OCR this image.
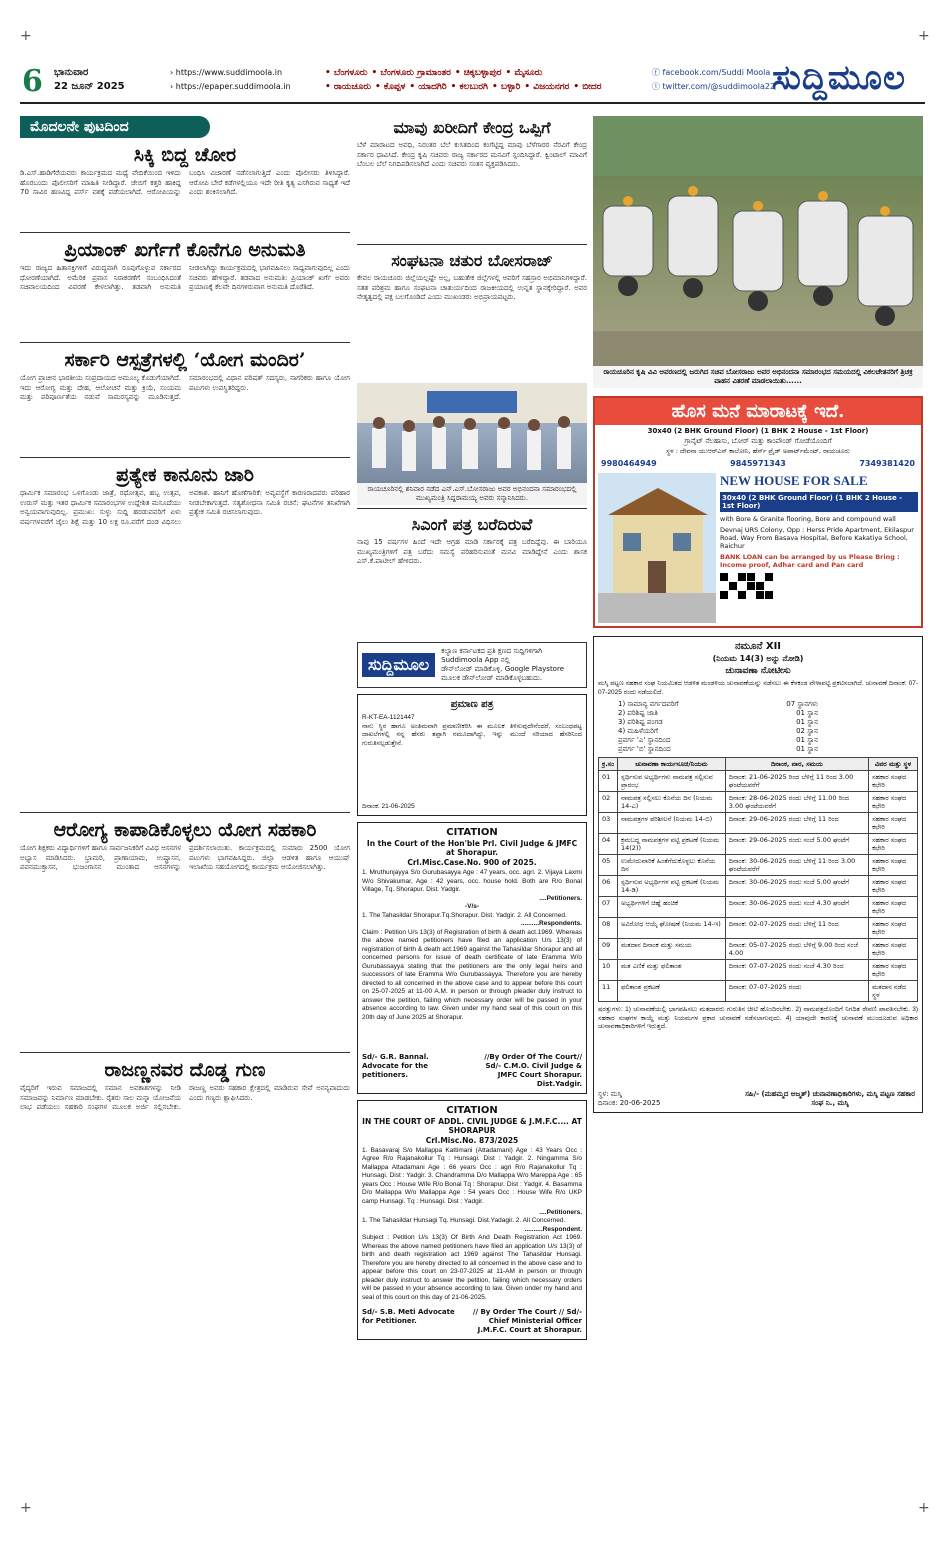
+	+
+	+
6 ಭಾನುವಾರ
22 ಜೂನ್ 2025
› https://www.suddimoola.in
› https://epaper.suddimoola.in
• ಬೆಂಗಳೂರು • ಬೆಂಗಳೂರು ಗ್ರಾಮಾಂತರ • ಚಿಕ್ಕಬಳ್ಳಾಪುರ • ಮೈಸೂರು
• ರಾಯಚೂರು • ಕೊಪ್ಪಳ • ಯಾದಗಿರಿ • ಕಲಬುರಗಿ • ಬಳ್ಳಾರಿ • ವಿಜಯನಗರ • ಬೀದರ
ⓕ facebook.com/Suddi Moola
ⓣ twitter.com/@suddimoola22
ಸುದ್ದಿಮೂಲ
ಮೊದಲನೇ ಪುಟದಿಂದ
ಸಿಕ್ಕಿ ಬಿದ್ದ ಚೋರ
ಡಿ.ಎಸ್.ಹಾಡಿಗೆರೆಯವರು ಕಾರ್ಯಕ್ರಮದ ಮಧ್ಯೆ ವೇದಿಕೆಯಿಂದ ಇಳಿದು ಹೊರಬಂದು ಪೊಲೀಸರಿಗೆ ಮಾಹಿತಿ ನೀಡಿದ್ದಾರೆ. ಜೇಬಿಗೆ ಕತ್ತರಿ ಹಾಕಿದ್ದ 70 ಸಾವಿರ ಹಣವಿದ್ದ ಪರ್ಸ್ ವಶಕ್ಕೆ ಪಡೆಯಲಾಗಿದೆ. ಆರೋಪಿಯನ್ನು ಬಂಧಿಸಿ ವಿಚಾರಣೆ ನಡೆಸಲಾಗುತ್ತಿದೆ ಎಂದು ಪೊಲೀಸರು ತಿಳಿಸಿದ್ದಾರೆ. ಆರೋಪಿ ಬೇರೆ ಕಡೆಗಳಲ್ಲಿಯೂ ಇದೇ ರೀತಿ ಕೃತ್ಯ ಎಸಗಿರುವ ಸಾಧ್ಯತೆ ಇದೆ ಎಂದು ಶಂಕಿಸಲಾಗಿದೆ.
ಪ್ರಿಯಾಂಕ್ ಖರ್ಗೆಗೆ ಕೊನೆಗೂ ಅನುಮತಿ
ಇದು ರಾಜ್ಯದ ಹಿತಾಸಕ್ತಿಗಳಿಗೆ ವಿರುದ್ಧವಾಗಿ ರೂಪುಗೊಳ್ಳುವ ಸರ್ಕಾರದ ಧೋರಣೆಯಾಗಿದೆ. ಅಮೆರಿಕ ಪ್ರವಾಸ ನಿರಾಕರಣೆಗೆ ಸಂಬಂಧಿಸಿದಂತೆ ಸಚಿವಾಲಯದಿಂದ ವಿವರಣೆ ಕೇಳಲಾಗಿತ್ತು. ತಡವಾಗಿ ಅನುಮತಿ ನೀಡಲಾಗಿದ್ದು ಕಾರ್ಯಕ್ರಮದಲ್ಲಿ ಭಾಗವಹಿಸಲು ಸಾಧ್ಯವಾಗುವುದಿಲ್ಲ ಎಂದು ಸಚಿವರು ಹೇಳಿದ್ದಾರೆ. ತಡವಾದ ಅನುಮತಿ: ಪ್ರಿಯಾಂಕ್ ಖರ್ಗೆ ಅವರು ಪ್ರಯಾಣಕ್ಕೆ ಕೆಲವೇ ದಿನಗಳಿರುವಾಗ ಅನುಮತಿ ದೊರೆತಿದೆ.
ಸರ್ಕಾರಿ ಆಸ್ಪತ್ರೆಗಳಲ್ಲಿ ‘ಯೋಗ ಮಂದಿರ’
ಯೋಗ ಪ್ರಾಚೀನ ಭಾರತೀಯ ಸಂಪ್ರದಾಯದ ಅಮೂಲ್ಯ ಕೊಡುಗೆಯಾಗಿದೆ. ಇದು ಆರೋಗ್ಯ ಮತ್ತು ದೇಹ, ಆಲೋಚನೆ ಮತ್ತು ಕ್ರಿಯೆ, ಸಂಯಮ ಮತ್ತು ಪರಿಪೂರ್ಣತೆಯ ನಡುವೆ ಸಾಮರಸ್ಯವನ್ನು ಮೂಡಿಸುತ್ತದೆ. ಸಮಾರಂಭದಲ್ಲಿ ವಿಧಾನ ಪರಿಷತ್ ಸದಸ್ಯರು, ನಾಗರಿಕರು ಹಾಗೂ ಯೋಗ ಪಟುಗಳು ಉಪಸ್ಥಿತರಿದ್ದರು.
ಪ್ರತ್ಯೇಕ ಕಾನೂನು ಜಾರಿ
ಧಾರ್ಮಿಕ ಸಮಾರಂಭ ಒಳಗೊಂಡು ಜಾತ್ರೆ, ರಥೋತ್ಸವ, ಹಬ್ಬ ಉತ್ಸವ, ಉರುಸ್ ಮತ್ತು ಇತರ ಧಾರ್ಮಿಕ ಸಮಾರಂಭಗಳ ಉದ್ದೇಶಿತ ಮಸೂದೆಯು ಅನ್ವಯವಾಗುವುದಿಲ್ಲ. ಪ್ರಮುಖ: ಸುಳ್ಳು ಸುದ್ದಿ ಹರಡುವವರಿಗೆ ಏಳು ವರ್ಷಗಳವರೆಗೆ ಜೈಲು ಶಿಕ್ಷೆ ಮತ್ತು 10 ಲಕ್ಷ ರೂ.ವರೆಗೆ ದಂಡ ವಿಧಿಸಲು ಅವಕಾಶ. ಹಾನಿಗೆ ಹೊಣೆಗಾರಿಕೆ: ಅವ್ಯವಸ್ಥೆಗೆ ಕಾರಣರಾದವರು ಪರಿಹಾರ ನೀಡಬೇಕಾಗುತ್ತದೆ. ಸತ್ಯಶೋಧನಾ ಸಮಿತಿ ರಚನೆ: ಘಟನೆಗಳ ತನಿಖೆಗಾಗಿ ಪ್ರತ್ಯೇಕ ಸಮಿತಿ ರಚಿಸಲಾಗುವುದು.
ಆರೋಗ್ಯ ಕಾಪಾಡಿಕೊಳ್ಳಲು ಯೋಗ ಸಹಕಾರಿ
ಯೋಗ ಶಿಕ್ಷಕರು ವಿದ್ಯಾರ್ಥಿಗಳಿಗೆ ಹಾಗೂ ಸಾರ್ವಜನಿಕರಿಗೆ ವಿವಿಧ ಆಸನಗಳ ಅಭ್ಯಾಸ ಮಾಡಿಸಿದರು. ಭ್ರಾಮರಿ, ಪ್ರಾಣಾಯಾಮ, ಉಷ್ಟ್ರಾಸನ, ಪವನಮುಕ್ತಾಸನ, ಭುಜಂಗಾಸನ ಮುಂತಾದ ಆಸನಗಳನ್ನು ಪ್ರದರ್ಶಿಸಲಾಯಿತು. ಕಾರ್ಯಕ್ರಮದಲ್ಲಿ ಸುಮಾರು 2500 ಯೋಗ ಪಟುಗಳು ಭಾಗವಹಿಸಿದ್ದರು. ಜಿಲ್ಲಾ ಆಡಳಿತ ಹಾಗೂ ಆಯುಷ್ ಇಲಾಖೆಯ ಸಹಯೋಗದಲ್ಲಿ ಕಾರ್ಯಕ್ರಮ ಆಯೋಜಿಸಲಾಗಿತ್ತು.
ರಾಜಣ್ಣನವರ ದೊಡ್ಡ ಗುಣ
ವೈದ್ಯರಿಗೆ ಇರುವ ಸಮಾಜದಲ್ಲಿ ಸಮಾನ ಅವಕಾಶಗಳನ್ನು ನೀಡಿ ಸಮಾಜವನ್ನು ನಿರ್ಮಾಣ ಮಾಡಬೇಕು. ರೈತರು ಸಾಲ ಮನ್ನಾ ಯೋಜನೆಯ ಲಾಭ ಪಡೆಯಲು ಸಹಕಾರಿ ಸಂಘಗಳ ಮೂಲಕ ಅರ್ಜಿ ಸಲ್ಲಿಸಬೇಕು. ರಾಜಣ್ಣ ಅವರು ಸಹಕಾರ ಕ್ಷೇತ್ರದಲ್ಲಿ ಮಾಡಿರುವ ಸೇವೆ ಅನನ್ಯವಾದುದು ಎಂದು ಗಣ್ಯರು ಶ್ಲಾಘಿಸಿದರು.
ಮಾವು ಖರೀದಿಗೆ ಕೇಂದ್ರ ಒಪ್ಪಿಗೆ
ಬೆಳೆ ಮಾರಾಟದ ಅವಧಿ, ನಿರಂತರ ಬೆಲೆ ಕುಸಿತದಿಂದ ಕಂಗೆಟ್ಟಿದ್ದ ಮಾವು ಬೆಳೆಗಾರರ ನೆರವಿಗೆ ಕೇಂದ್ರ ಸರ್ಕಾರ ಧಾವಿಸಿದೆ. ಕೇಂದ್ರ ಕೃಷಿ ಸಚಿವರು ರಾಜ್ಯ ಸರ್ಕಾರದ ಮನವಿಗೆ ಸ್ಪಂದಿಸಿದ್ದಾರೆ. ಕ್ವಿಂಟಾಲ್ ಮಾವಿಗೆ ಬೆಂಬಲ ಬೆಲೆ ನಿಗದಿಪಡಿಸಲಾಗಿದೆ ಎಂದು ಸಚಿವರು ಸಂತಸ ವ್ಯಕ್ತಪಡಿಸಿದರು.
ಸಂಘಟನಾ ಚತುರ ಬೋಸರಾಜ್
ಕೇವಲ ರಾಯಚೂರು ಜಿಲ್ಲೆಯಲ್ಲಷ್ಟೇ ಅಲ್ಲ, ಬಹುತೇಕ ಜಿಲ್ಲೆಗಳಲ್ಲಿ ಅವರಿಗೆ ಸಹಸ್ರಾರ ಅಭಿಮಾನಿಗಳಿದ್ದಾರೆ. ಸತತ ಪರಿಶ್ರಮ ಹಾಗೂ ಸಂಘಟನಾ ಚಾತುರ್ಯದಿಂದ ರಾಜಕೀಯದಲ್ಲಿ ಉನ್ನತ ಸ್ಥಾನಕ್ಕೇರಿದ್ದಾರೆ. ಅವರ ನೇತೃತ್ವದಲ್ಲಿ ಪಕ್ಷ ಬಲಗೊಂಡಿದೆ ಎಂದು ಮುಖಂಡರು ಅಭಿಪ್ರಾಯಪಟ್ಟರು.
ರಾಯಚೂರಿನಲ್ಲಿ ಶನಿವಾರ ನಡೆದ ಎನ್.ಎಸ್.ಬೋಸರಾಜು ಅವರ ಅಭಿನಂದನಾ ಸಮಾರಂಭದಲ್ಲಿ ಮುಖ್ಯಮಂತ್ರಿ ಸಿದ್ದರಾಮಯ್ಯ ಅವರು ಸನ್ಮಾನಿಸಿದರು.
ಸಿಎಂಗೆ ಪತ್ರ ಬರೆದಿರುವೆ
ನಾವು 15 ವರ್ಷಗಳ ಹಿಂದೆ ಇದೇ ಆಗ್ರಹ ಮಾಡಿ ಸರ್ಕಾರಕ್ಕೆ ಪತ್ರ ಬರೆದಿದ್ದೆವು. ಈ ಬಾರಿಯೂ ಮುಖ್ಯಮಂತ್ರಿಗಳಿಗೆ ಪತ್ರ ಬರೆದು ಸಮಸ್ಯೆ ಪರಿಹರಿಸುವಂತೆ ಮನವಿ ಮಾಡಿದ್ದೇನೆ ಎಂದು ಶಾಸಕ ಎಸ್.ಕೆ.ಪಾಟೀಲ್ ಹೇಳಿದರು.
ಸುದ್ದಿಮೂಲ
ಕಲ್ಯಾಣ ಕರ್ನಾಟಕದ ಪ್ರತಿ ಕ್ಷಣದ ಸುದ್ದಿಗಳಿಗಾಗಿ Suddimoola App ನಲ್ಲಿ
ಡೌನ್‌ಲೋಡ್ ಮಾಡಿಕೊಳ್ಳಿ. Google Playstore ಮೂಲಕ ಡೌನ್‌ಲೋಡ್ ಮಾಡಿಕೊಳ್ಳಬಹುದು.
ಪ್ರಮಾಣ ಪತ್ರ
R-KT-EA-1121447
ನಾನು ಸ್ಥಿರ ಹಾಗೂ ಅಂತಿಮವಾಗಿ ಪ್ರಮಾಣೀಕರಿಸಿ ಈ ಮೂಲಕ ತಿಳಿಸುವುದೇನೆಂದರೆ, ಸಂಬಂಧಪಟ್ಟ ದಾಖಲೆಗಳಲ್ಲಿ ನನ್ನ ಹೆಸರು ತಪ್ಪಾಗಿ ನಮೂದಾಗಿದ್ದು, ಇನ್ನು ಮುಂದೆ ಸರಿಯಾದ ಹೆಸರಿನಿಂದ ಗುರುತಿಸಲ್ಪಡುತ್ತೇನೆ.
ದಿನಾಂಕ: 21-06-2025
CITATION
In the Court of the Hon'ble Prl. Civil Judge & JMFC at Shorapur.
Crl.Misc.Case.No. 900 of 2025.
1. Mruthunjayya S/o Gurubasayya Age : 47 years, occ. agri. 2. Vijaya Laxmi W/o Shivakumar, Age : 42 years, occ. house hold. Both are R/o Bonal Village, Tq. Shorapur. Dist. Yadgir.
....Petitioners.
-V/s-
1. The Tahasildar Shorapur.Tq.Shorapur. Dist. Yadgir. 2. All Concerned.
..........Respondents.
Claim : Petition U/s 13(3) of Registration of birth & death act.1969. Whereas the above named petitioners have filed an application U/s 13(3) of registration of birth & death act.1969 against the Tahasildar Shorapur and all concerned persons for issue of death certificate of late Eramma W/o Gurubassayya stating that the petitioners are the only legal heirs and successors of late Eramma W/o Gurubassayya. Therefore you are hereby directed to all concerned in the above case and to appear before this court on 25-07-2025 at 11-00 A.M. in person or through pleader duly instruct to answer the petition, failing which necessary order will be passed in your absence according to law. Given under my hand seal of this court on this 20th day of June 2025 at Shorapur.
Sd/- G.R. Bannal. Advocate for the petitioners.
//By Order Of The Court// Sd/- C.M.O. Civil Judge & JMFC Court Shorapur. Dist.Yadgir.
CITATION
IN THE COURT OF ADDL. CIVIL JUDGE & J.M.F.C.... AT SHORAPUR
Crl.Misc.No. 873/2025
1. Basavaraj S/o Mallappa Kattimani (Attadamani) Age : 43 Years Occ : Agree R/o Rajanakollur Tq : Hunsagi. Dist : Yadgir. 2. Ningamma S/o Mallappa Attadamani Age : 66 years Occ : agri R/o Rajanakollur Tq : Hunsagi. Dist : Yadgir. 3. Chandramma D/o Mallappa W/o Mareppa Age : 65 years Occ : House Wife R/o Bonal Tq : Shorapur. Dist : Yadgir. 4. Basamma D/o Mallappa W/o Mallappa Age : 54 years Occ : House Wife R/o UKP camp Hunsagi. Tq : Hunsagi. Dist : Yadgir.
....Petitioners.
1. The Tahasildar Hunsagi Tq. Hunsagi. Dist.Yadagir. 2. All Concerned.
..........Respondent.
Subject : Petition U/s 13(3) Of Birth And Death Registration Act 1969. Whereas the above named petitioners have filed an application U/s 13(3) of birth and death registration act 1969 against The Tahasildar Hunsagi. Therefore you are hereby directed to all concerned in the above case and to appear before this court on 23-07-2025 at 11-AM in person or through pleader duly instruct to answer the petition, failing which necessary orders will be passed in your absence according to law. Given under my hand and seal of this court on this day of 21-06-2025.
Sd/- S.B. Meti Advocate for Petitioner.
// By Order The Court // Sd/- Chief Ministerial Officer J.M.F.C. Court at Shorapur.
ರಾಯಚೂರಿನ ಕೃಷಿ ವಿವಿ ಆವರಣದಲ್ಲಿ ಜರುಗಿದ ಸಚಿವ ಬೋಸರಾಜು ಅವರ ಅಭಿನಂದನಾ ಸಮಾರಂಭದ ಸಮಯದಲ್ಲಿ ವಿಕಲಚೇತನರಿಗೆ ತ್ರಿಚಕ್ರ ವಾಹನ ವಿತರಣೆ ಮಾಡಲಾಯಿತು......
ಹೊಸ ಮನೆ ಮಾರಾಟಕ್ಕೆ ಇದೆ.
30x40 (2 BHK Ground Floor) (1 BHK 2 House - 1st Floor)
ಗ್ರಾನೈಟ್ ನೆಲಹಾಸು, ಬೋರ್ ಮತ್ತು ಕಾಂಪೌಂಡ್ ಗೋಡೆಯೊಂದಿಗೆ
ಸ್ಥಳ : ದೇವನಾ ಯುಆರ್‌ಎಸ್ ಕಾಲೋನಿ, ಹೆರ್ಸ್ ಪ್ರೈಡ್ ಅಪಾರ್ಟ್‌ಮೆಂಟ್, ರಾಯಚೂರು
9980464949	9845971343	7349381420
NEW HOUSE FOR SALE
30x40 (2 BHK Ground Floor) (1 BHK 2 House - 1st Floor)
with Bore & Granite flooring, Bore and compound wall
Devnaj URS Colony, Opp : Herss Pride Apartment, Ekilaspur Road, Way From Basava Hospital, Before Kakatiya School, Raichur
BANK LOAN can be arranged by us Please Bring : Income proof, Adhar card and Pan card
ನಮೂನೆ XII
(ನಿಯಮ 14(3) ಅನ್ನು ನೋಡಿ)
ಚುನಾವಣಾ ನೋಟೀಸು
ಮಸ್ಕಿ ಪಟ್ಟಣ ಸಹಕಾರ ಸಂಘ ನಿಯಮಿತದ ಆಡಳಿತ ಮಂಡಳಿಯ ಚುನಾವಣೆಯನ್ನು ನಡೆಸಲು ಈ ಕೆಳಕಂಡ ವೇಳಾಪಟ್ಟಿ ಪ್ರಕಟಿಸಲಾಗಿದೆ. ಚುನಾವಣೆ ದಿನಾಂಕ: 07-07-2025 ರಂದು ನಡೆಯಲಿದೆ.
1) ಸಾಮಾನ್ಯ ವರ್ಗದವರಿಗೆ	07 ಸ್ಥಾನಗಳು
2) ಪರಿಶಿಷ್ಟ ಜಾತಿ	01 ಸ್ಥಾನ
3) ಪರಿಶಿಷ್ಟ ಪಂಗಡ	01 ಸ್ಥಾನ
4) ಮಹಿಳೆಯರಿಗೆ	02 ಸ್ಥಾನ
ಪ್ರವರ್ಗ 'ಎ' ಸ್ಥಾನದಿಂದ	01 ಸ್ಥಾನ
ಪ್ರವರ್ಗ 'ಬಿ' ಸ್ಥಾನದಿಂದ	01 ಸ್ಥಾನ
ಕ್ರ.ಸಂ	ಚುನಾವಣಾ ಕಾರ್ಯಸೂಚಿ/ನಿಯಮ	ದಿನಾಂಕ, ವಾರ, ಸಮಯ	ವಿವರ ಮತ್ತು ಸ್ಥಳ
01	ಸ್ಪರ್ಧಿಸುವ ಅಭ್ಯರ್ಥಿಗಳು ನಾಮಪತ್ರ ಸಲ್ಲಿಸುವ ಪ್ರಾರಂಭ	ದಿನಾಂಕ: 21-06-2025 ರಿಂದ ಬೆಳಿಗ್ಗೆ 11 ರಿಂದ 3.00 ಘಂಟೆಯವರೆಗೆ	ಸಹಕಾರ ಸಂಘದ ಕಛೇರಿ
02	ನಾಮಪತ್ರ ಸಲ್ಲಿಸಲು ಕೊನೆಯ ದಿನ (ನಿಯಮ 14-ಎ)	ದಿನಾಂಕ: 28-06-2025 ರಂದು ಬೆಳಿಗ್ಗೆ 11.00 ರಿಂದ 3.00 ಘಂಟೆಯವರೆಗೆ	ಸಹಕಾರ ಸಂಘದ ಕಛೇರಿ
03	ನಾಮಪತ್ರಗಳ ಪರಿಶೀಲನೆ (ನಿಯಮ 14-ಬಿ)	ದಿನಾಂಕ: 29-06-2025 ರಂದು ಬೆಳಿಗ್ಗೆ 11 ರಿಂದ	ಸಹಕಾರ ಸಂಘದ ಕಛೇರಿ
04	ಕ್ರಮಬದ್ಧ ನಾಮಪತ್ರಗಳ ಪಟ್ಟಿ ಪ್ರಕಟಣೆ (ನಿಯಮ 14(2))	ದಿನಾಂಕ: 29-06-2025 ರಂದು ಸಂಜೆ 5.00 ಘಂಟೆಗೆ	ಸಹಕಾರ ಸಂಘದ ಕಛೇರಿ
05	ಉಮೇದುವಾರಿಕೆ ಹಿಂತೆಗೆದುಕೊಳ್ಳಲು ಕೊನೆಯ ದಿನ	ದಿನಾಂಕ: 30-06-2025 ರಂದು ಬೆಳಿಗ್ಗೆ 11 ರಿಂದ 3.00 ಘಂಟೆಯವರೆಗೆ	ಸಹಕಾರ ಸಂಘದ ಕಛೇರಿ
06	ಸ್ಪರ್ಧಿಸುವ ಅಭ್ಯರ್ಥಿಗಳ ಪಟ್ಟಿ ಪ್ರಕಟಣೆ (ನಿಯಮ 14-ಡಿ)	ದಿನಾಂಕ: 30-06-2025 ರಂದು ಸಂಜೆ 5.00 ಘಂಟೆಗೆ	ಸಹಕಾರ ಸಂಘದ ಕಛೇರಿ
07	ಅಭ್ಯರ್ಥಿಗಳಿಗೆ ಚಿಹ್ನೆ ಹಂಚಿಕೆ	ದಿನಾಂಕ: 30-06-2025 ರಂದು ಸಂಜೆ 4.30 ಘಂಟೆಗೆ	ಸಹಕಾರ ಸಂಘದ ಕಛೇರಿ
08	ಅವಿರೋಧ ಆಯ್ಕೆ ಘೋಷಣೆ (ನಿಯಮ 14-ಇ)	ದಿನಾಂಕ: 02-07-2025 ರಂದು ಬೆಳಿಗ್ಗೆ 11 ರಿಂದ	ಸಹಕಾರ ಸಂಘದ ಕಛೇರಿ
09	ಮತದಾನ ದಿನಾಂಕ ಮತ್ತು ಸಮಯ	ದಿನಾಂಕ: 05-07-2025 ರಂದು ಬೆಳಿಗ್ಗೆ 9.00 ರಿಂದ ಸಂಜೆ 4.00	ಸಹಕಾರ ಸಂಘದ ಕಛೇರಿ
10	ಮತ ಎಣಿಕೆ ಮತ್ತು ಫಲಿತಾಂಶ	ದಿನಾಂಕ: 07-07-2025 ರಂದು ಸಂಜೆ 4.30 ರಿಂದ	ಸಹಕಾರ ಸಂಘದ ಕಛೇರಿ
11	ಫಲಿತಾಂಶ ಪ್ರಕಟಣೆ	ದಿನಾಂಕ: 07-07-2025 ರಂದು	ಮತದಾನ ನಡೆದ ಸ್ಥಳ
ಷರತ್ತುಗಳು: 1) ಚುನಾವಣೆಯಲ್ಲಿ ಭಾಗವಹಿಸಲು ಮತದಾರರು ಗುರುತಿನ ಚೀಟಿ ಹೊಂದಿರಬೇಕು. 2) ನಾಮಪತ್ರದೊಂದಿಗೆ ನಿಗದಿತ ಠೇವಣಿ ಪಾವತಿಸಬೇಕು. 3) ಸಹಕಾರ ಸಂಘಗಳ ಕಾಯ್ದೆ ಮತ್ತು ನಿಯಮಗಳ ಪ್ರಕಾರ ಚುನಾವಣೆ ನಡೆಸಲಾಗುವುದು. 4) ಯಾವುದೇ ಕಾರಣಕ್ಕೆ ಚುನಾವಣೆ ಮುಂದೂಡುವ ಅಧಿಕಾರ ಚುನಾವಣಾಧಿಕಾರಿಗಳಿಗೆ ಇರುತ್ತದೆ.
ಸ್ಥಳ: ಮಸ್ಕಿ
ದಿನಾಂಕ: 20-06-2025
ಸಹಿ/- (ಮಹಮ್ಮದ ಅಜ್ಮತ್) ಚುನಾವಣಾಧಿಕಾರಿಗಳು, ಮಸ್ಕಿ ಪಟ್ಟಣ ಸಹಕಾರ ಸಂಘ ನಿ., ಮಸ್ಕಿ
